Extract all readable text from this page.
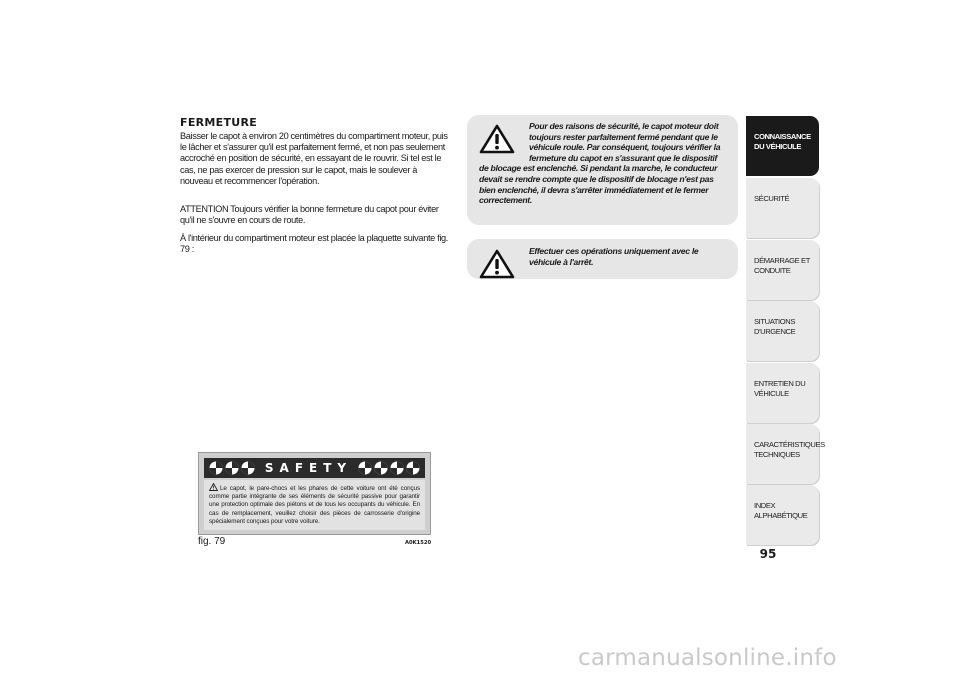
FERMETURE

Baisser le capot à environ 20 centimètres du compartiment moteur, puis le lâcher et s'assurer qu'il est parfaitement fermé, et non pas seulement accroché en position de sécurité, en essayant de le rouvrir. Si tel est le cas, ne pas exercer de pression sur le capot, mais le soulever à nouveau et recommencer l'opération.

ATTENTION Toujours vérifier la bonne fermeture du capot pour éviter qu'il ne s'ouvre en cours de route.

À l'intérieur du compartiment moteur est placée la plaquette suivante fig. 79 :

Pour des raisons de sécurité, le capot moteur doit toujours rester parfaitement fermé pendant que le véhicule roule. Par conséquent, toujours vérifier la fermeture du capot en s'assurant que le dispositif de blocage est enclenché. Si pendant la marche, le conducteur devait se rendre compte que le dispositif de blocage n'est pas bien enclenché, il devra s'arrêter immédiatement et le fermer correctement.
Effectuer ces opérations uniquement avec le véhicule à l'arrêt.
SAFETY
Le capot, le pare-chocs et les phares de cette voiture ont été conçus comme partie intégrante de ses éléments de sécurité passive pour garantir une protection optimale des piétons et de tous les occupants du véhicule. En cas de remplacement, veuillez choisir des pièces de carrosserie d'origine spécialement conçues pour votre voiture.
fig. 79	A0K1520
CONNAISSANCE DU VÉHICULE
SÉCURITÉ
DÉMARRAGE ET CONDUITE
SITUATIONS D'URGENCE
ENTRETIEN DU VÉHICULE
CARACTÉRISTIQUES TECHNIQUES
INDEX ALPHABÉTIQUE
95
carmanualsonline.info
